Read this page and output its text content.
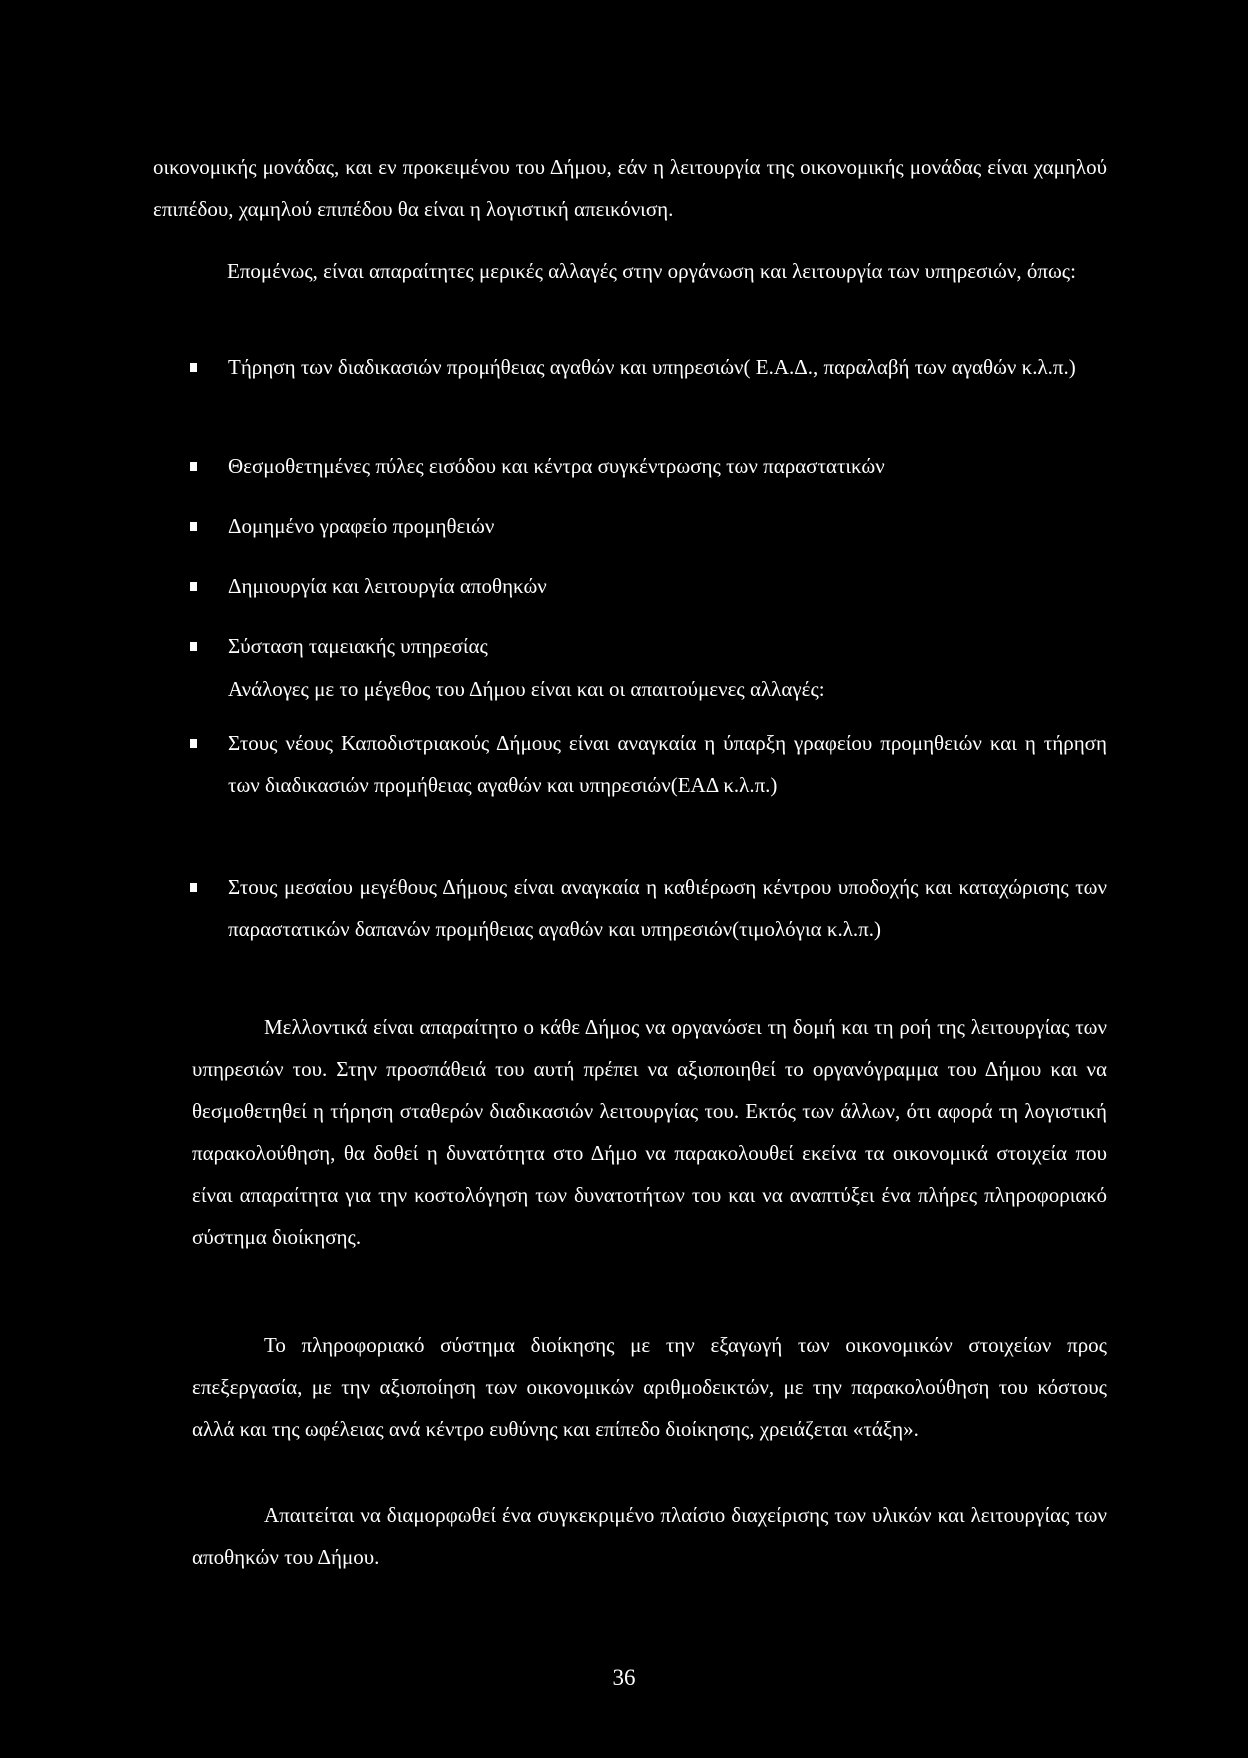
οικονομικής μονάδας, και εν προκειμένου του Δήμου, εάν η λειτουργία της οικονομικής μονάδας είναι χαμηλού επιπέδου, χαμηλού επιπέδου θα είναι η λογιστική απεικόνιση.

Επομένως, είναι απαραίτητες μερικές αλλαγές στην οργάνωση και λειτουργία των υπηρεσιών, όπως:

Τήρηση των διαδικασιών προμήθειας αγαθών και υπηρεσιών( Ε.Α.Δ., παραλαβή των αγαθών κ.λ.π.)
Θεσμοθετημένες πύλες εισόδου και κέντρα συγκέντρωσης των παραστατικών
Δομημένο γραφείο προμηθειών
Δημιουργία και λειτουργία αποθηκών
Σύσταση ταμειακής υπηρεσίας

Ανάλογες με το μέγεθος του Δήμου είναι και οι απαιτούμενες αλλαγές:

Στους νέους Καποδιστριακούς Δήμους είναι αναγκαία η ύπαρξη γραφείου προμηθειών και η τήρηση των διαδικασιών προμήθειας αγαθών και υπηρεσιών(ΕΑΔ κ.λ.π.)
Στους μεσαίου μεγέθους Δήμους είναι αναγκαία η καθιέρωση κέντρου υποδοχής και καταχώρισης των παραστατικών δαπανών προμήθειας αγαθών και υπηρεσιών(τιμολόγια κ.λ.π.)

Μελλοντικά είναι απαραίτητο ο κάθε Δήμος να οργανώσει τη δομή και τη ροή της λειτουργίας των υπηρεσιών του. Στην προσπάθειά του αυτή πρέπει να αξιοποιηθεί το οργανόγραμμα του Δήμου και να θεσμοθετηθεί η τήρηση σταθερών διαδικασιών λειτουργίας του. Εκτός των άλλων, ότι αφορά τη λογιστική παρακολούθηση, θα δοθεί η δυνατότητα στο Δήμο να παρακολουθεί εκείνα τα οικονομικά στοιχεία που είναι απαραίτητα για την κοστολόγηση των δυνατοτήτων του και να αναπτύξει ένα πλήρες πληροφοριακό σύστημα διοίκησης.

Το πληροφοριακό σύστημα διοίκησης με την εξαγωγή των οικονομικών στοιχείων προς επεξεργασία, με την αξιοποίηση των οικονομικών αριθμοδεικτών, με την παρακολούθηση του κόστους αλλά και της ωφέλειας ανά κέντρο ευθύνης και επίπεδο διοίκησης, χρειάζεται «τάξη».

Απαιτείται να διαμορφωθεί ένα συγκεκριμένο πλαίσιο διαχείρισης των υλικών και λειτουργίας των αποθηκών του Δήμου.

36
